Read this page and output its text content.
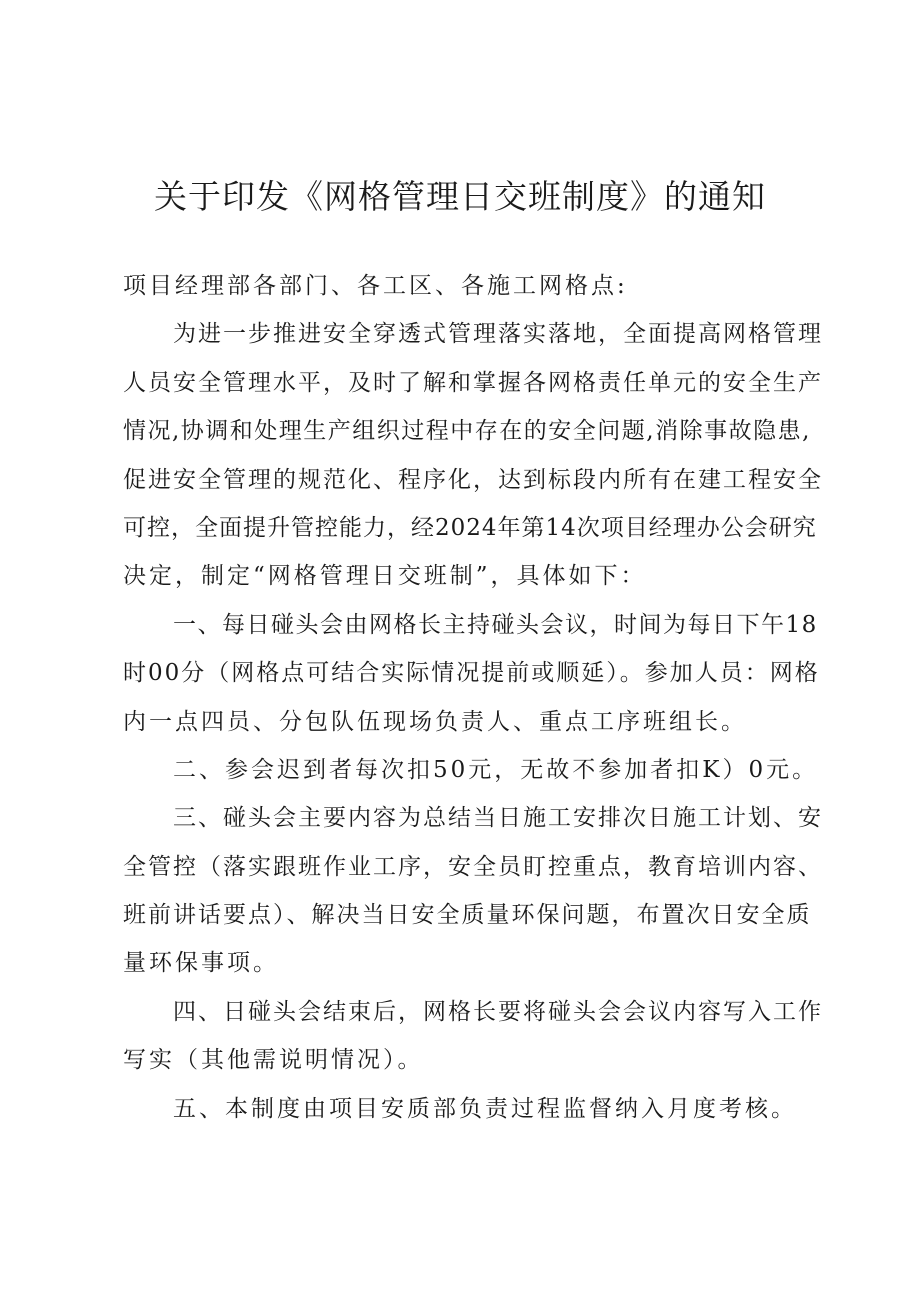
关于印发《网格管理日交班制度》的通知
项目经理部各部门、各工区、各施工网格点:
为进一步推进安全穿透式管理落实落地，全面提高网格管理
人员安全管理水平，及时了解和掌握各网格责任单元的安全生产
情况,协调和处理生产组织过程中存在的安全问题,消除事故隐患,
促进安全管理的规范化、程序化，达到标段内所有在建工程安全
可控，全面提升管控能力，经2024年第14次项目经理办公会研究
决定，制定“网格管理日交班制”，具体如下：
一、每日碰头会由网格长主持碰头会议，时间为每日下午18
时00分（网格点可结合实际情况提前或顺延）。参加人员：网格
内一点四员、分包队伍现场负责人、重点工序班组长。
二、参会迟到者每次扣50元，无故不参加者扣K）0元。
三、碰头会主要内容为总结当日施工安排次日施工计划、安
全管控（落实跟班作业工序，安全员盯控重点，教育培训内容、
班前讲话要点）、解决当日安全质量环保问题，布置次日安全质
量环保事项。
四、日碰头会结束后，网格长要将碰头会会议内容写入工作
写实（其他需说明情况）。
五、本制度由项目安质部负责过程监督纳入月度考核。
